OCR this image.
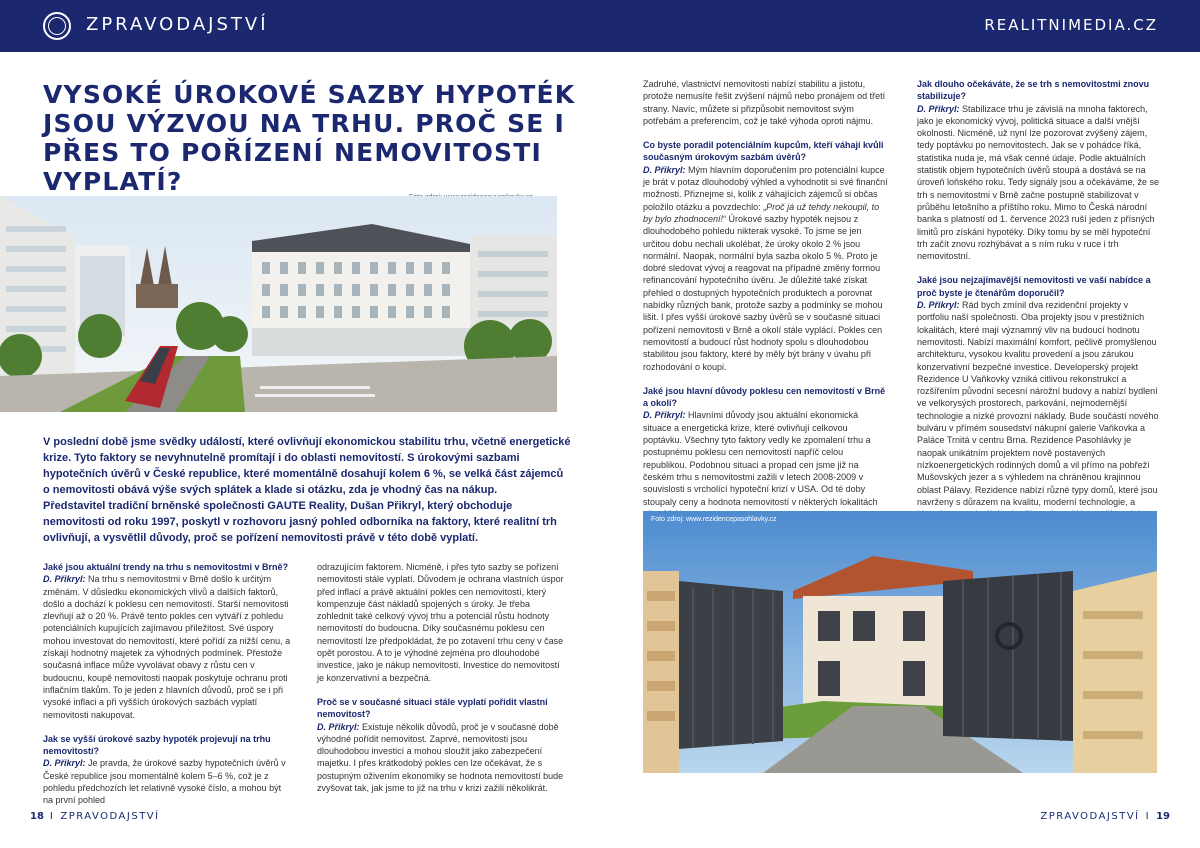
ZPRAVODAJSTVÍ	REALITNIMEDIA.CZ
VYSOKÉ ÚROKOVÉ SAZBY HYPOTÉK JSOU VÝZVOU NA TRHU. PROČ SE I PŘES TO POŘÍZENÍ NEMOVITOSTI VYPLATÍ?

V poslední době jsme svědky událostí, které ovlivňují ekonomickou stabilitu trhu, včetně energetické krize. Tyto faktory se nevyhnutelně promítají i do oblasti nemovitostí. S úrokovými sazbami hypotečních úvěrů v České republice, které momentálně dosahují kolem 6 %, se velká část zájemců o nemovitosti obává výše svých splátek a klade si otázku, zda je vhodný čas na nákup.

Představitel tradiční brněnské společnosti GAUTE Reality, Dušan Přikryl, který obchoduje nemovitosti od roku 1997, poskytl v rozhovoru jasný pohled odborníka na faktory, které realitní trh ovlivňují, a vysvětlil důvody, proč se pořízení nemovitosti právě v této době vyplatí.

Jaké jsou aktuální trendy na trhu s nemovitostmi v Brně?

D. Přikryl: Na trhu s nemovitostmi v Brně došlo k určitým změnám. V důsledku ekonomických vlivů a dalších faktorů, došlo a dochází k poklesu cen nemovitostí. Starší nemovitosti zlevňují až o 20 %. Právě tento pokles cen vytváří z pohledu potenciálních kupujících zajímavou příležitost. Své úspory mohou investovat do nemovitostí, které pořídí za nižší cenu, a získají hodnotný majetek za výhodných podmínek. Přestože současná inflace může vyvolávat obavy z růstu cen v budoucnu, koupě nemovitosti naopak poskytuje ochranu proti inflačním tlakům. To je jeden z hlavních důvodů, proč se i při vysoké inflaci a při vyšších úrokových sazbách vyplatí nemovitosti nakupovat.

Jak se vyšší úrokové sazby hypoték projevují na trhu nemovitostí?

D. Přikryl: Je pravda, že úrokové sazby hypotečních úvěrů v České republice jsou momentálně kolem 5–6 %, což je z pohledu předchozích let relativně vysoké číslo, a mohou být na první pohled

odrazujícím faktorem. Nicméně, i přes tyto sazby se pořízení nemovitosti stále vyplatí. Důvodem je ochrana vlastních úspor před inflací a právě aktuální pokles cen nemovitostí, který kompenzuje část nákladů spojených s úroky. Je třeba zohlednit také celkový vývoj trhu a potenciál růstu hodnoty nemovitostí do budoucna. Díky současnému poklesu cen nemovitostí lze předpokládat, že po zotavení trhu ceny v čase opět porostou. A to je výhodné zejména pro dlouhodobé investice, jako je nákup nemovitosti. Investice do nemovitostí je konzervativní a bezpečná.

Proč se v současné situaci stále vyplatí pořídit vlastní nemovitost?

D. Přikryl: Existuje několik důvodů, proč je v současné době výhodné pořídit nemovitost. Zaprvé, nemovitosti jsou dlouhodobou investicí a mohou sloužit jako zabezpečení majetku. I přes krátkodobý pokles cen lze očekávat, že s postupným oživením ekonomiky se hodnota nemovitostí bude zvyšovat tak, jak jsme to již na trhu v krizi zažili několikrát.

Zadruhé, vlastnictví nemovitosti nabízí stabilitu a jistotu, protože nemusíte řešit zvýšení nájmů nebo pronájem od třetí strany. Navíc, můžete si přizpůsobit nemovitost svým potřebám a preferencím, což je také výhoda oproti nájmu.

Co byste poradil potenciálním kupcům, kteří váhají kvůli současným úrokovým sazbám úvěrů?

D. Přikryl: Mým hlavním doporučením pro potenciální kupce je brát v potaz dlouhodobý výhled a vyhodnotit si své finanční možnosti. Přiznejme si, kolik z váhajících zájemců si občas položilo otázku a povzdechlo: „Proč já už tehdy nekoupil, to by bylo zhodnocení!“ Úrokové sazby hypoték nejsou z dlouhodobého pohledu nikterak vysoké. To jsme se jen určitou dobu nechali ukolébat, že úroky okolo 2 % jsou normální. Naopak, normální byla sazba okolo 5 %. Proto je dobré sledovat vývoj a reagovat na případné změny formou refinancování hypotečního úvěru. Je důležité také získat přehled o dostupných hypotečních produktech a porovnat nabídky různých bank, protože sazby a podmínky se mohou lišit. I přes vyšší úrokové sazby úvěrů se v současné situaci pořízení nemovitosti v Brně a okolí stále vyplácí. Pokles cen nemovitostí a budoucí růst hodnoty spolu s dlouhodobou stabilitou jsou faktory, které by měly být brány v úvahu při rozhodování o koupi.

Jaké jsou hlavní důvody poklesu cen nemovitostí v Brně a okolí?

D. Přikryl: Hlavními důvody jsou aktuální ekonomická situace a energetická krize, které ovlivňují celkovou poptávku. Všechny tyto faktory vedly ke zpomalení trhu a postupnému poklesu cen nemovitostí napříč celou republikou. Podobnou situaci a propad cen jsme již na českém trhu s nemovitostmi zažili v letech 2008-2009 v souvislosti s vrcholící hypoteční krizí v USA. Od té doby stoupaly ceny a hodnota nemovitostí v některých lokalitách

Jak dlouho očekáváte, že se trh s nemovitostmi znovu stabilizuje?

D. Přikryl: Stabilizace trhu je závislá na mnoha faktorech, jako je ekonomický vývoj, politická situace a další vnější okolnosti. Nicméně, už nyní lze pozorovat zvýšený zájem, tedy poptávku po nemovitostech. Jak se v pohádce říká, statistika nuda je, má však cenné údaje. Podle aktuálních statistik objem hypotečních úvěrů stoupá a dostává se na úroveň loňského roku. Tedy signály jsou a očekáváme, že se trh s nemovitostmi v Brně začne postupně stabilizovat v průběhu letošního a příštího roku. Mimo to Česká národní banka s platností od 1. července 2023 ruší jeden z přísných limitů pro získání hypotéky. Díky tomu by se měl hypoteční trh začít znovu rozhýbávat a s ním ruku v ruce i trh nemovitostní.

Jaké jsou nejzajímavější nemovitosti ve vaší nabídce a proč byste je čtenářům doporučil?

D. Přikryl: Rád bych zmínil dva rezidenční projekty v portfoliu naší společnosti. Oba projekty jsou v prestižních lokalitách, které mají významný vliv na budoucí hodnotu nemovitosti. Nabízí maximální komfort, pečlivě promyšlenou architekturu, vysokou kvalitu provedení a jsou zárukou konzervativní bezpečné investice. Developerský projekt Rezidence U Vaňkovky vzniká citlivou rekonstrukcí a rozšířením původní secesní nárožní budovy a nabízí bydlení ve velkorysých prostorech, parkování, nejmodernější technologie a nízké provozní náklady. Bude součástí nového bulváru v přímém sousedství nákupní galerie Vaňkovka a Paláce Trnitá v centru Brna. Rezidence Pasohlávky je naopak unikátním projektem nově postavených nízkoenergetických rodinných domů a vil přímo na pobřeží Mušovských jezer a s výhledem na chráněnou krajinnou oblast Pálavy. Rezidence nabízí různé typy domů, které jsou navrženy s důrazem na kvalitu, moderní technologie, a

Foto zdroj: www.rezidencepasohlavky.cz
18 I ZPRAVODAJSTVÍ	ZPRAVODAJSTVÍ I 19
